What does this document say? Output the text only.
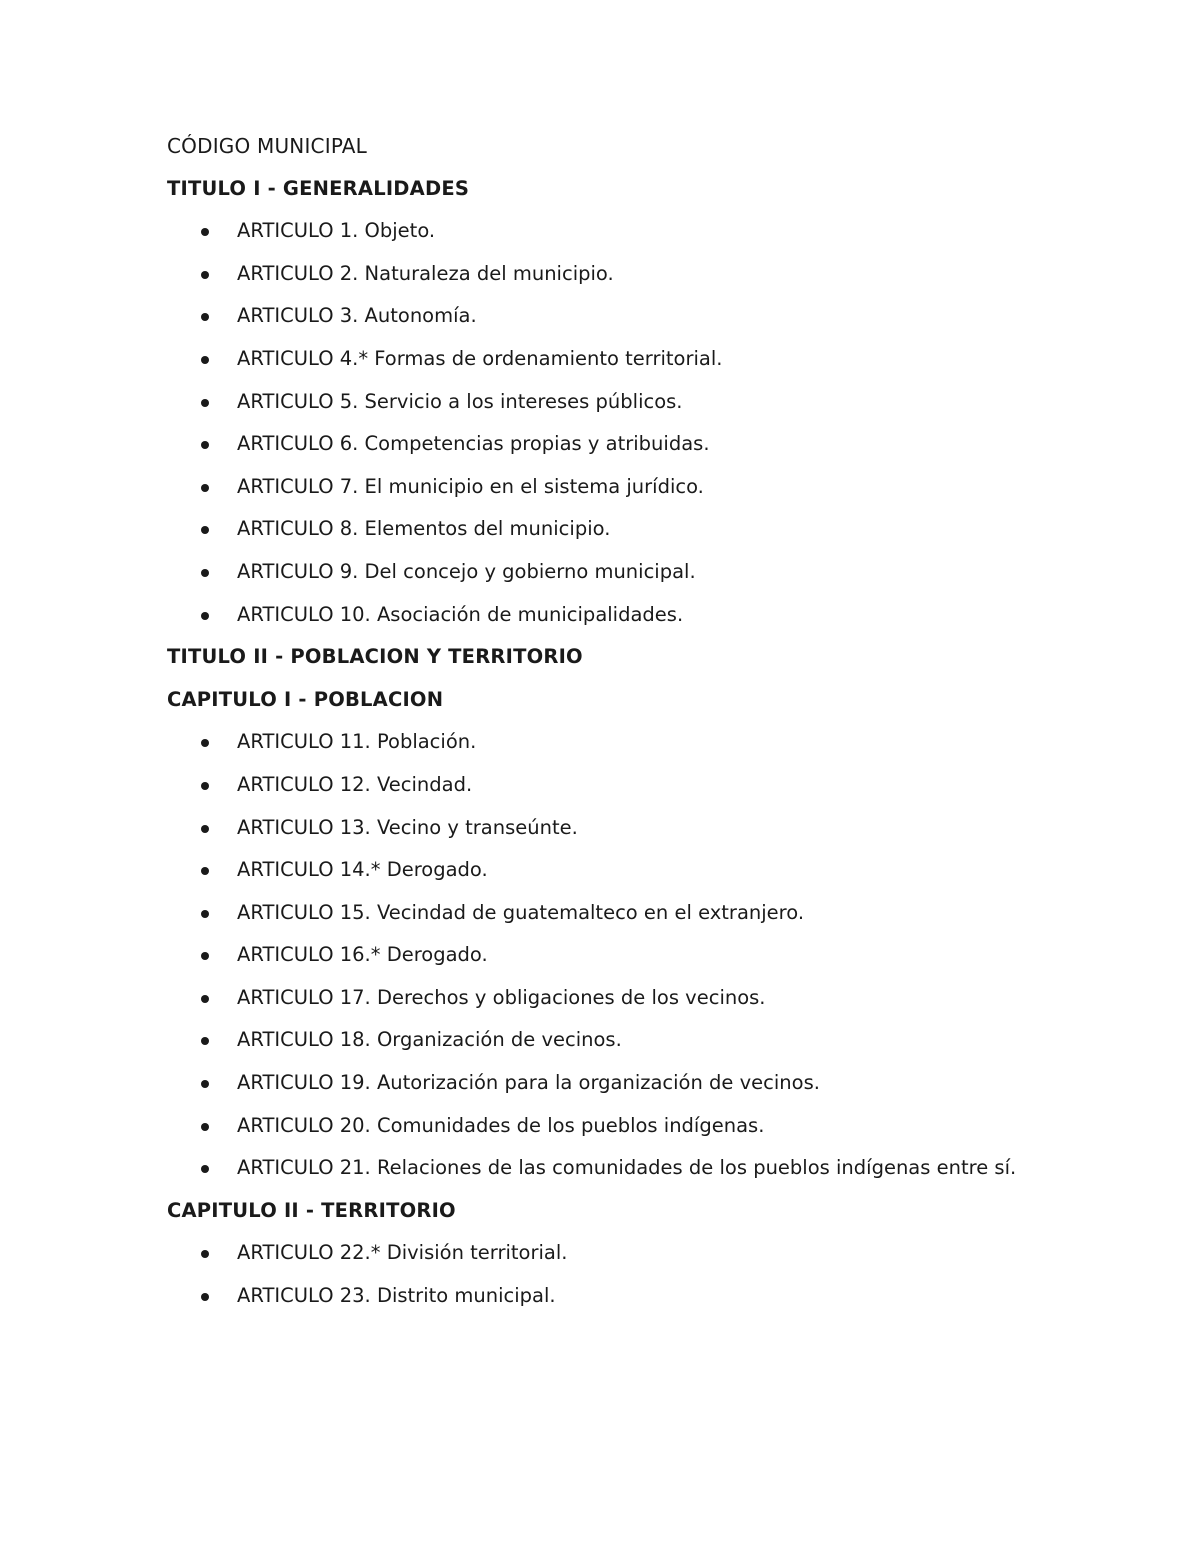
CÓDIGO MUNICIPAL
TITULO I - GENERALIDADES
ARTICULO 1. Objeto.
ARTICULO 2. Naturaleza del municipio.
ARTICULO 3. Autonomía.
ARTICULO 4.* Formas de ordenamiento territorial.
ARTICULO 5. Servicio a los intereses públicos.
ARTICULO 6. Competencias propias y atribuidas.
ARTICULO 7. El municipio en el sistema jurídico.
ARTICULO 8. Elementos del municipio.
ARTICULO 9. Del concejo y gobierno municipal.
ARTICULO 10. Asociación de municipalidades.
TITULO II - POBLACION Y TERRITORIO
CAPITULO I - POBLACION
ARTICULO 11. Población.
ARTICULO 12. Vecindad.
ARTICULO 13. Vecino y transeúnte.
ARTICULO 14.* Derogado.
ARTICULO 15. Vecindad de guatemalteco en el extranjero.
ARTICULO 16.* Derogado.
ARTICULO 17. Derechos y obligaciones de los vecinos.
ARTICULO 18. Organización de vecinos.
ARTICULO 19. Autorización para la organización de vecinos.
ARTICULO 20. Comunidades de los pueblos indígenas.
ARTICULO 21. Relaciones de las comunidades de los pueblos indígenas entre sí.
CAPITULO II - TERRITORIO
ARTICULO 22.* División territorial.
ARTICULO 23. Distrito municipal.
